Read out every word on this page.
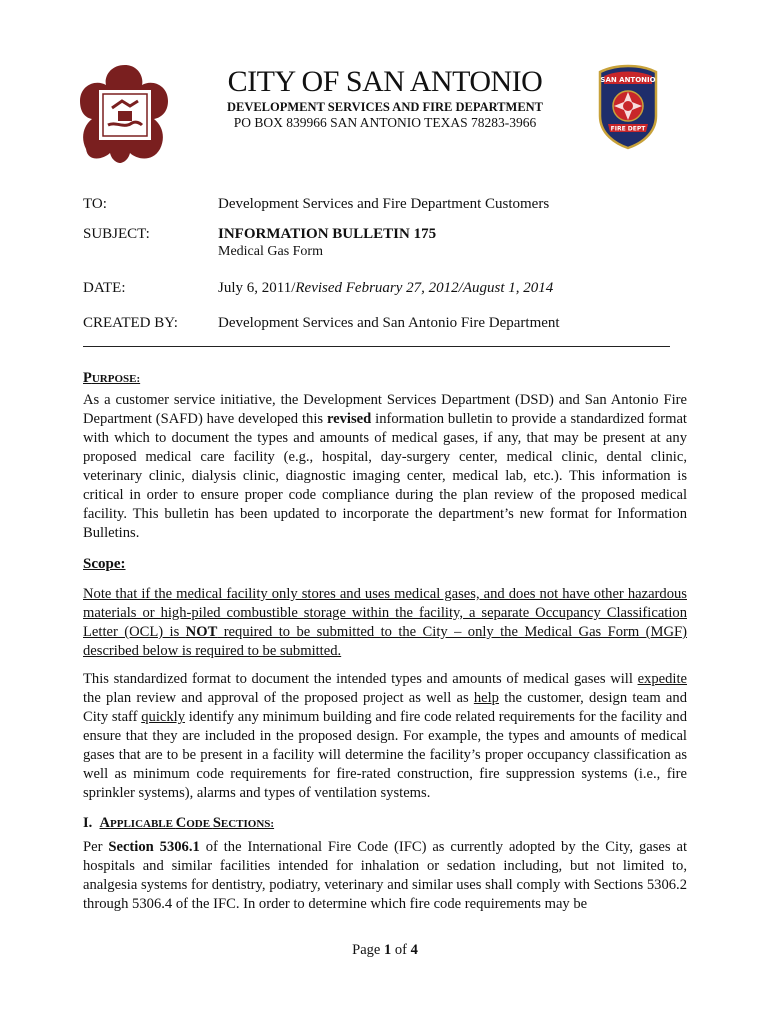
CITY OF SAN ANTONIO
DEVELOPMENT SERVICES AND FIRE DEPARTMENT
PO BOX 839966 SAN ANTONIO TEXAS 78283-3966
SAN ANTONIO
FIRE DEPT
TO:	Development Services and Fire Department Customers
SUBJECT:	INFORMATION BULLETIN 175
Medical Gas Form
DATE:	July 6, 2011/Revised February 27, 2012/August 1, 2014
CREATED BY:	Development Services and San Antonio Fire Department
PURPOSE:
As a customer service initiative, the Development Services Department (DSD) and San Antonio Fire Department (SAFD) have developed this revised information bulletin to provide a standardized format with which to document the types and amounts of medical gases, if any, that may be present at any proposed medical care facility (e.g., hospital, day-surgery center, medical clinic, dental clinic, veterinary clinic, dialysis clinic, diagnostic imaging center, medical lab, etc.). This information is critical in order to ensure proper code compliance during the plan review of the proposed medical facility. This bulletin has been updated to incorporate the department’s new format for Information Bulletins.
Scope:
Note that if the medical facility only stores and uses medical gases, and does not have other hazardous materials or high-piled combustible storage within the facility, a separate Occupancy Classification Letter (OCL) is NOT required to be submitted to the City – only the Medical Gas Form (MGF) described below is required to be submitted.
This standardized format to document the intended types and amounts of medical gases will expedite the plan review and approval of the proposed project as well as help the customer, design team and City staff quickly identify any minimum building and fire code related requirements for the facility and ensure that they are included in the proposed design. For example, the types and amounts of medical gases that are to be present in a facility will determine the facility’s proper occupancy classification as well as minimum code requirements for fire-rated construction, fire suppression systems (i.e., fire sprinkler systems), alarms and types of ventilation systems.
I. APPLICABLE CODE SECTIONS:
Per Section 5306.1 of the International Fire Code (IFC) as currently adopted by the City, gases at hospitals and similar facilities intended for inhalation or sedation including, but not limited to, analgesia systems for dentistry, podiatry, veterinary and similar uses shall comply with Sections 5306.2 through 5306.4 of the IFC. In order to determine which fire code requirements may be
Page 1 of 4
